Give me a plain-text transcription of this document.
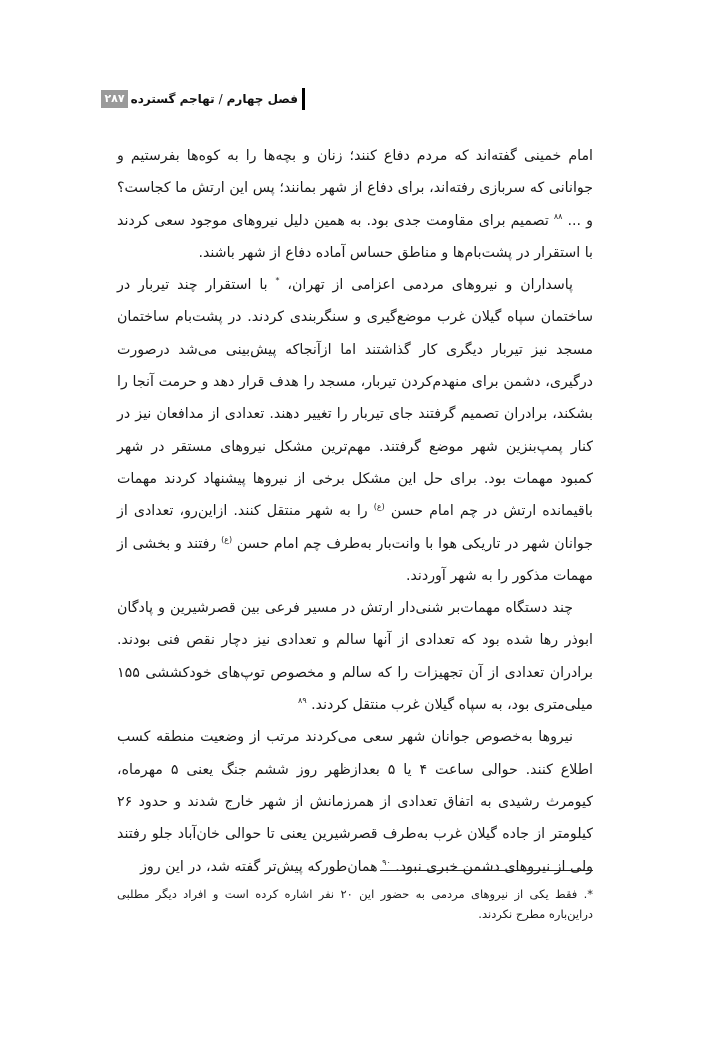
فصل چهارم
/
تهاجم گسترده
۲۸۷

امام خمینی گفته‌اند که مردم دفاع کنند؛ زنان و بچه‌ها را به کوه‌ها بفرستیم و جوانانی که سربازی رفته‌اند، برای دفاع از شهر بمانند؛ پس این ارتش ما کجاست؟ و ... $^{۸۸}$ تصمیم برای مقاومت جدی بود. به همین دلیل نیروهای موجود سعی کردند با استقرار در پشت‌بام‌ها و مناطق حساس آماده دفاع از شهر باشند.

پاسداران و نیروهای مردمی اعزامی از تهران، * با استقرار چند تیربار در ساختمان سپاه گیلان غرب موضع‌گیری و سنگربندی کردند. در پشت‌بام ساختمان مسجد نیز تیربار دیگری کار گذاشتند اما ازآنجاکه پیش‌بینی می‌شد درصورت درگیری، دشمن برای منهدم‌کردن تیربار، مسجد را هدف قرار دهد و حرمت آنجا را بشکند، برادران تصمیم گرفتند جای تیربار را تغییر دهند. تعدادی از مدافعان نیز در کنار پمپ‌بنزین شهر موضع گرفتند. مهم‌ترین مشکل نیروهای مستقر در شهر کمبود مهمات بود. برای حل این مشکل برخی از نیروها پیشنهاد کردند مهمات باقیمانده ارتش در چم امام حسن $^{(ع)}$ را به شهر منتقل کنند. ازاین‌رو، تعدادی از جوانان شهر در تاریکی هوا با وانت‌بار به‌طرف چم امام حسن $^{(ع)}$ رفتند و بخشی از مهمات مذکور را به شهر آوردند.

چند دستگاه مهمات‌بر شنی‌دار ارتش در مسیر فرعی بین قصرشیرین و پادگان ابوذر رها شده بود که تعدادی از آنها سالم و تعدادی نیز دچار نقص فنی بودند. برادران تعدادی از آن تجهیزات را که سالم و مخصوص توپ‌های خودکششی ۱۵۵ میلی‌متری بود، به سپاه گیلان غرب منتقل کردند. $^{۸۹}$

نیروها به‌خصوص جوانان شهر سعی می‌کردند مرتب از وضعیت منطقه کسب اطلاع کنند. حوالی ساعت ۴ یا ۵ بعدازظهر روز ششم جنگ یعنی ۵ مهرماه، کیومرث رشیدی به اتفاق تعدادی از همرزمانش از شهر خارج شدند و حدود ۲۶ کیلومتر از جاده گیلان غرب به‌طرف قصرشیرین یعنی تا حوالی خان‌آباد جلو رفتند ولی از نیروهای دشمن خبری نبود. $^{۹۰}$ همان‌طورکه پیش‌تر گفته شد، در این روز

*. فقط یکی از نیروهای مردمی به حضور این ۲۰ نفر اشاره کرده است و افراد دیگر مطلبی دراین‌باره مطرح نکردند.
